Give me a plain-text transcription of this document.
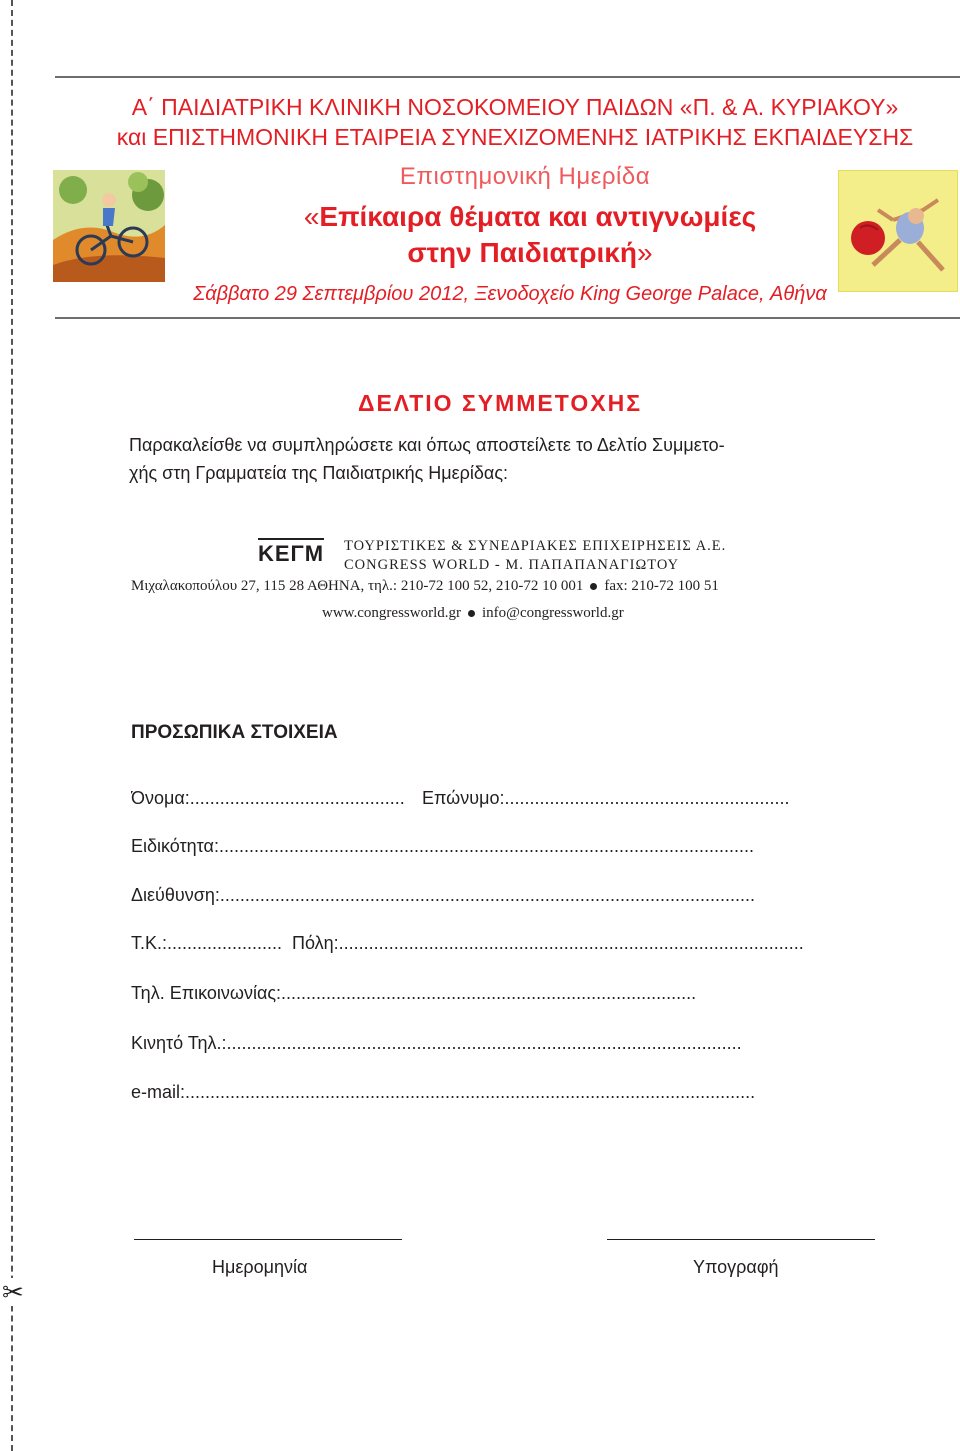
✂
Α΄ ΠΑΙΔΙΑΤΡΙΚΗ ΚΛΙΝΙΚΗ ΝΟΣΟΚΟΜΕΙΟΥ ΠΑΙΔΩΝ «Π. & Α. ΚΥΡΙΑΚΟΥ»
και ΕΠΙΣΤΗΜΟΝΙΚΗ ΕΤΑΙΡΕΙΑ ΣΥΝΕΧΙΖΟΜΕΝΗΣ ΙΑΤΡΙΚΗΣ ΕΚΠΑΙΔΕΥΣΗΣ
Επιστημονική Ημερίδα
«Επίκαιρα θέματα και αντιγνωμίες
στην Παιδιατρική»
Σάββατο 29 Σεπτεμβρίου 2012, Ξενοδοχείο King George Palace, Αθήνα
ΔΕΛΤΙΟ ΣΥΜΜΕΤΟΧΗΣ
Παρακαλείσθε να συμπληρώσετε και όπως αποστείλετε το Δελτίο Συμμετο-
χής στη Γραμματεία της Παιδιατρικής Ημερίδας:
ΚΕΓΜ ΤΟΥΡΙΣΤΙΚΕΣ & ΣΥΝΕΔΡΙΑΚΕΣ ΕΠΙΧΕΙΡΗΣΕΙΣ Α.Ε.
CONGRESS WORLD - Μ. ΠΑΠΑΠΑΝΑΓΙΩΤΟΥ
Μιχαλακοπούλου 27, 115 28 ΑΘΗΝΑ, τηλ.: 210-72 100 52, 210-72 10 001 fax: 210-72 100 51
www.congressworld.gr info@congressworld.gr
ΠΡΟΣΩΠΙΚΑ ΣΤΟΙΧΕΙΑ
Όνομα:........................................... Επώνυμο:.........................................................
Ειδικότητα:...........................................................................................................
Διεύθυνση:...........................................................................................................
Τ.Κ.:....................... Πόλη:.............................................................................................
Τηλ. Επικοινωνίας:...................................................................................
Κινητό Τηλ.:.......................................................................................................
e-mail:..................................................................................................................
Ημερομηνία	Υπογραφή
